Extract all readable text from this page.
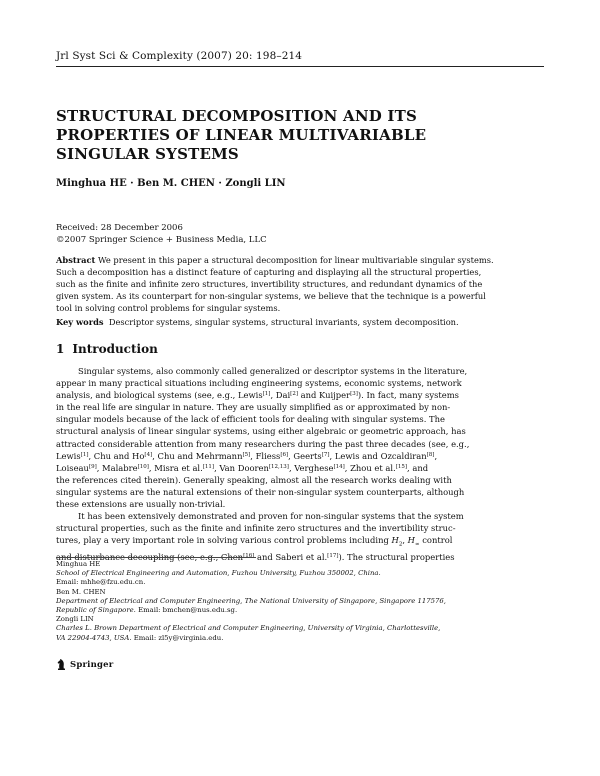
Jrl Syst Sci & Complexity (2007) 20: 198–214
STRUCTURAL DECOMPOSITION AND ITS
PROPERTIES OF LINEAR MULTIVARIABLE
SINGULAR SYSTEMS
Minghua HE · Ben M. CHEN · Zongli LIN
Received: 28 December 2006
©2007 Springer Science + Business Media, LLC
Abstract We present in this paper a structural decomposition for linear multivariable singular systems.
Such a decomposition has a distinct feature of capturing and displaying all the structural properties,
such as the finite and infinite zero structures, invertibility structures, and redundant dynamics of the
given system. As its counterpart for non-singular systems, we believe that the technique is a powerful
tool in solving control problems for singular systems.
Key words Descriptor systems, singular systems, structural invariants, system decomposition.
1 Introduction
Singular systems, also commonly called generalized or descriptor systems in the literature,
appear in many practical situations including engineering systems, economic systems, network
analysis, and biological systems (see, e.g., Lewis[1], Dai[2] and Kuijper[3]). In fact, many systems
in the real life are singular in nature. They are usually simplified as or approximated by non-
singular models because of the lack of efficient tools for dealing with singular systems. The
structural analysis of linear singular systems, using either algebraic or geometric approach, has
attracted considerable attention from many researchers during the past three decades (see, e.g.,
Lewis[1], Chu and Ho[4], Chu and Mehrmann[5], Fliess[6], Geerts[7], Lewis and Ozcaldiran[8],
Loiseau[9], Malabre[10], Misra et al.[11], Van Dooren[12,13], Verghese[14], Zhou et al.[15], and
the references cited therein). Generally speaking, almost all the research works dealing with
singular systems are the natural extensions of their non-singular system counterparts, although
these extensions are usually non-trivial.
It has been extensively demonstrated and proven for non-singular systems that the system
structural properties, such as the finite and infinite zero structures and the invertibility struc-
tures, play a very important role in solving various control problems including $H_2$, $H_\infty$ control
and disturbance decoupling (see, e.g., Chen[16] and Saberi et al.[17]). The structural properties
Minghua HE
School of Electrical Engineering and Automation, Fuzhou University, Fuzhou 350002, China.
Email: mhhe@fzu.edu.cn.
Ben M. CHEN
Department of Electrical and Computer Engineering, The National University of Singapore, Singapore 117576,
Republic of Singapore. Email: bmchen@nus.edu.sg.
Zongli LIN
Charles L. Brown Department of Electrical and Computer Engineering, University of Virginia, Charlottesville,
VA 22904-4743, USA. Email: zl5y@virginia.edu.
Springer
